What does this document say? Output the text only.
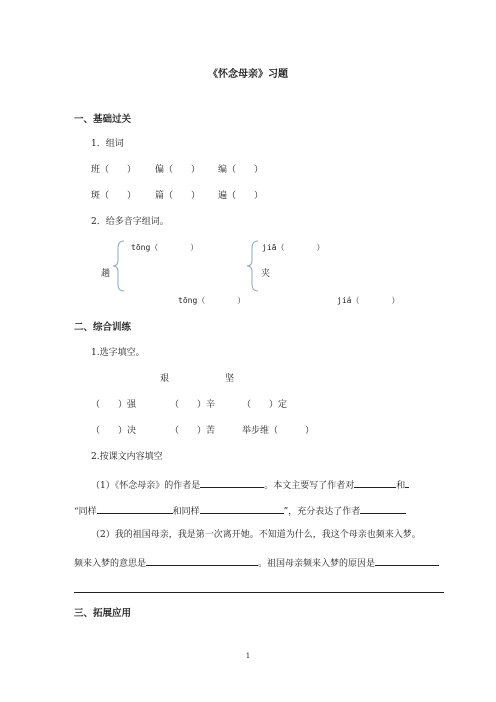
《怀念母亲》习题
一、基础过关
1．组词
班（　　） 偏（　　） 编（　　）
斑（　　） 篇（　　） 遍（　　）
2．给多音字组词。
tōng（　　　　）	jiā（　　　　）
趟	夹
tōng（　　　　）	jiá（　　　　）
二、综合训练
1.选字填空。
艰	坚
（　　）强	（　　）辛	（　　）定
（　　）决	（　　）苦	举步维（　　　）
2.按课文内容填空
（1）《怀念母亲》的作者是	。本文主要写了作者对	和
“同样	和同样	”，充分表达了作者
（2）我的祖国母亲，我是第一次离开她。不知道为什么，我这个母亲也频来入梦。
频来入梦的意思是	。祖国母亲频来入梦的原因是
三、拓展应用
1
